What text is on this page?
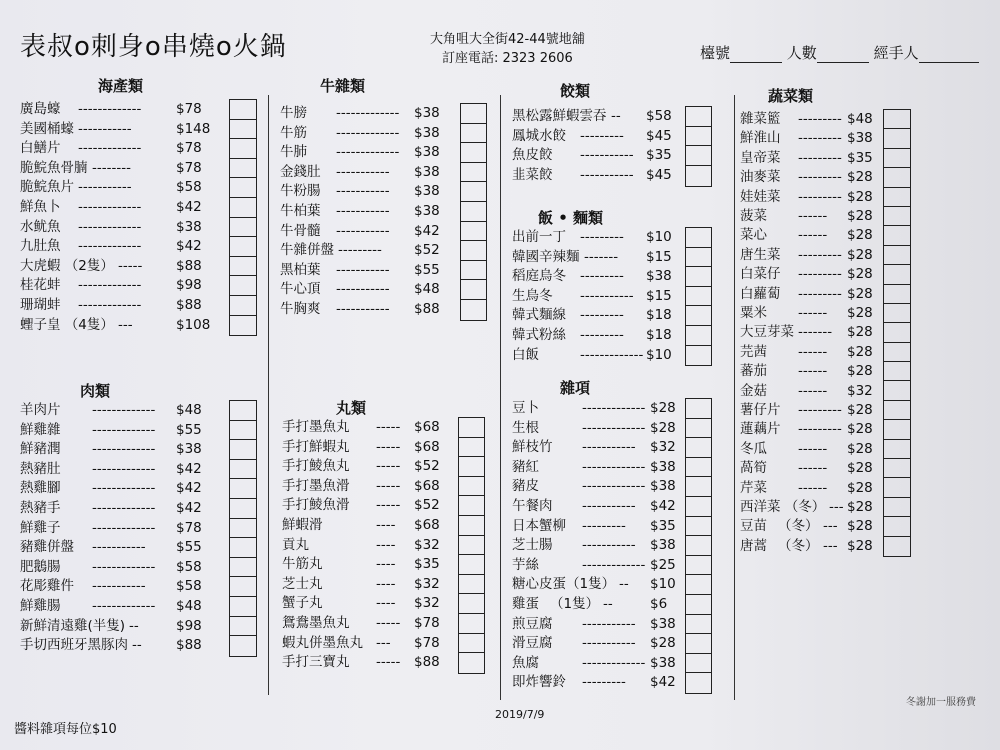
表叔o刺身o串燒o火鍋	大角咀大全街42-44號地舖
訂座電話: 2323 2606	檯號	人數	經手人
海產類
廣島蠔 -------------	$78
美國桶蠔 -----------	$148
白鱔片 -------------	$78
脆鯇魚骨腩 --------	$78
脆鯇魚片 -----------	$58
鮮魚卜 -------------	$42
水鱿魚 -------------	$38
九肚魚 -------------	$42
大虎蝦 （2隻） ----- $88
桂花蚌 -------------	$98
珊瑚蚌 -------------	$88
蟶子皇 （4隻） ---	$108
肉類
羊肉片 ------------- $48
鮮雞雜 ------------- $55
鮮豬潤 ------------- $38
熱豬肚 ------------- $42
熱雞腳 ------------- $42
熱豬手 ------------- $42
鮮雞子 ------------- $78
豬雞併盤 ----------- $55
肥鵝腸 ------------- $58
花彫雞件 ----------- $58
鮮雞腸 ------------- $48
新鮮清遠雞(半隻) --	$98
手切西班牙黑豚肉 --	$88
牛雜類
牛膀 ------------- $38
牛筋 ------------- $38
牛肺 ------------- $38
金錢肚 ----------- $38
牛粉腸 ----------- $38
牛柏葉 ----------- $38
牛骨髓 ----------- $42
牛雜併盤 --------- $52
黑柏葉 ----------- $55
牛心頂 ----------- $48
牛胸爽 ----------- $88
丸類
手打墨魚丸 ----- $68
手打鮮蝦丸 ----- $68
手打鯪魚丸 ----- $52
手打墨魚滑 ----- $68
手打鯪魚滑 ----- $52
鮮蝦滑	---- $68
貢丸	---- $32
牛筋丸	---- $35
芝士丸	---- $32
蟹子丸	---- $32
鴛鴦墨魚丸 ----- $78
蝦丸併墨魚丸 --- $78
手打三寶丸 ----- $88
餃類
黑松露鮮蝦雲吞 -- $58
鳳城水餃 --------- $45
魚皮餃 ----------- $35
韭菜餃 ----------- $45
飯 • 麵類
出前一丁 --------- $10
韓國辛辣麵 ------- $15
稻庭烏冬 --------- $38
生烏冬 ----------- $15
韓式麵線 --------- $18
韓式粉絲 --------- $18
白飯	------------- $10
雜項
豆卜	------------- $28
生根	------------- $28
鮮枝竹 ----------- $32
豬紅	------------- $38
豬皮	------------- $38
午餐肉 ----------- $42
日本蟹柳 --------- $35
芝士腸 ----------- $38
芋絲	------------- $25
糖心皮蛋（1隻） -- $10
雞蛋 　（1隻） --	$6
煎豆腐 ----------- $38
滑豆腐 ----------- $28
魚腐	------------- $38
即炸響鈴 --------- $42
蔬菜類
雜菜籃 --------- $48
鮮淮山 --------- $38
皇帝菜 --------- $35
油麥菜 --------- $28
娃娃菜 --------- $28
菠菜 ------ $28
菜心 ------ $28
唐生菜 --------- $28
白菜仔 --------- $28
白蘿蔔 --------- $28
粟米 ------ $28
大豆芽菜 ------- $28
芫茜 ------ $28
蕃茄 ------ $28
金菇 ------ $32
薯仔片 --------- $28
蓮藕片 --------- $28
冬瓜 ------ $28
萵筍 ------ $28
芹菜 ------ $28
西洋菜 （冬） --- $28
豆苗 　（冬） --- $28
唐蒿 　（冬） --- $28
醬料雜項每位$10
2019/7/9
冬謝加一服務費
